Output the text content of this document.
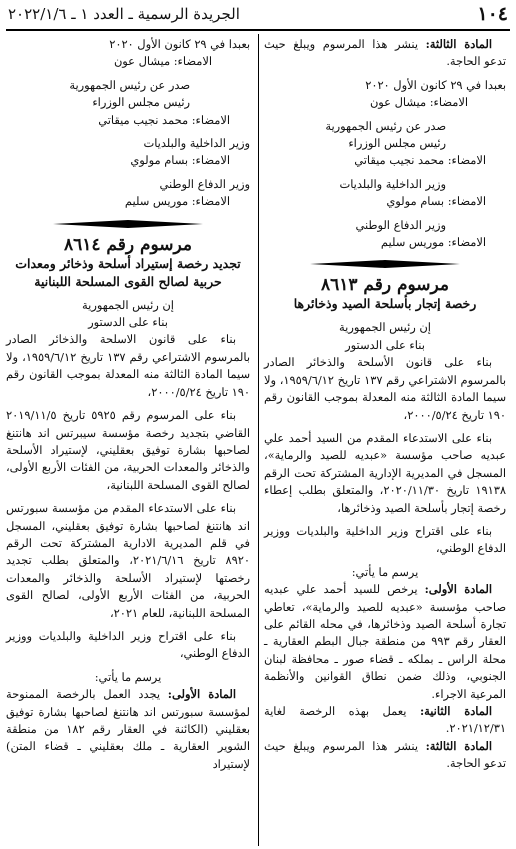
١٠٤
الجريدة الرسمية ـ العدد ١ ـ ٢٠٢٢/١/٦

المادة الثالثة: ينشر هذا المرسوم ويبلغ حيث تدعو الحاجة.

بعبدا في ٢٩ كانون الأول ٢٠٢٠

الامضاء: ميشال عون

صدر عن رئيس الجمهورية

رئيس مجلس الوزراء

الامضاء: محمد نجيب ميقاتي

وزير الداخلية والبلديات

الامضاء: بسام مولوي

وزير الدفاع الوطني

الامضاء: موريس سليم

مرسوم رقم ٨٦١٣

رخصة إتجار بأسلحة الصيد وذخائرها

إن رئيس الجمهورية

بناء على الدستور

بناء على قانون الأسلحة والذخائر الصادر بالمرسوم الاشتراعي رقم ١٣٧ تاريخ ١٩٥٩/٦/١٢، ولا سيما المادة الثالثة منه المعدلة بموجب القانون رقم ١٩٠ تاريخ ٢٠٠٠/٥/٢٤،

بناء على الاستدعاء المقدم من السيد أحمد علي عبديه صاحب مؤسسة «عبديه للصيد والرماية»، المسجل في المديرية الإدارية المشتركة تحت الرقم ١٩١٣٨ تاريخ ٢٠٢٠/١١/٣٠، والمتعلق بطلب إعطاء رخصة إتجار بأسلحة الصيد وذخائرها،

بناء على اقتراح وزير الداخلية والبلديات ووزير الدفاع الوطني،

يرسم ما يأتي:

المادة الأولى: يرخص للسيد أحمد علي عبديه صاحب مؤسسة «عبديه للصيد والرماية»، تعاطي تجارة أسلحة الصيد وذخائرها، في محله القائم على العقار رقم ٩٩٣ من منطقة جبال البطم العقارية ـ محلة الراس ـ بملكه ـ قضاء صور ـ محافظة لبنان الجنوبي، وذلك ضمن نطاق القوانين والأنظمة المرعية الاجراء.

المادة الثانية: يعمل بهذه الرخصة لغاية ٢٠٢١/١٢/٣١.

المادة الثالثة: ينشر هذا المرسوم ويبلغ حيث تدعو الحاجة.

بعبدا في ٢٩ كانون الأول ٢٠٢٠

الامضاء: ميشال عون

صدر عن رئيس الجمهورية

رئيس مجلس الوزراء

الامضاء: محمد نجيب ميقاتي

وزير الداخلية والبلديات

الامضاء: بسام مولوي

وزير الدفاع الوطني

الامضاء: موريس سليم

مرسوم رقم ٨٦١٤

تجديد رخصة إستيراد أسلحة وذخائر ومعدات حربية لصالح القوى المسلحة اللبنانية

إن رئيس الجمهورية

بناء على الدستور

بناء على قانون الاسلحة والذخائر الصادر بالمرسوم الاشتراعي رقم ١٣٧ تاريخ ١٩٥٩/٦/١٢، ولا سيما المادة الثالثة منه المعدلة بموجب القانون رقم ١٩٠ تاريخ ٢٠٠٠/٥/٢٤،

بناء على المرسوم رقم ٥٩٢٥ تاريخ ٢٠١٩/١١/٥ القاضي بتجديد رخصة مؤسسة سيبرتس اند هانتنغ لصاحبها بشارة توفيق بعقليني، لإستيراد الأسلحة والذخائر والمعدات الحربية، من الفئات الأربع الأولى، لصالح القوى المسلحة اللبنانية،

بناء على الاستدعاء المقدم من مؤسسة سبورتس اند هانتنغ لصاحبها بشارة توفيق بعقليني، المسجل في قلم المديرية الادارية المشتركة تحت الرقم ٨٩٢٠ تاريخ ٢٠٢١/٦/١٦، والمتعلق بطلب تجديد رخصتها لإستيراد الأسلحة والذخائر والمعدات الحربية، من الفئات الأربع الأولى، لصالح القوى المسلحة اللبنانية، للعام ٢٠٢١،

بناء على اقتراح وزير الداخلية والبلديات ووزير الدفاع الوطني،

يرسم ما يأتي:

المادة الأولى: يجدد العمل بالرخصة الممنوحة لمؤسسة سبورتس اند هانتنغ لصاحبها بشارة توفيق بعقليني (الكائنة في العقار رقم ١٨٢ من منطقة الشوير العقارية ـ ملك بعقليني ـ قضاء المتن) لإستيراد
